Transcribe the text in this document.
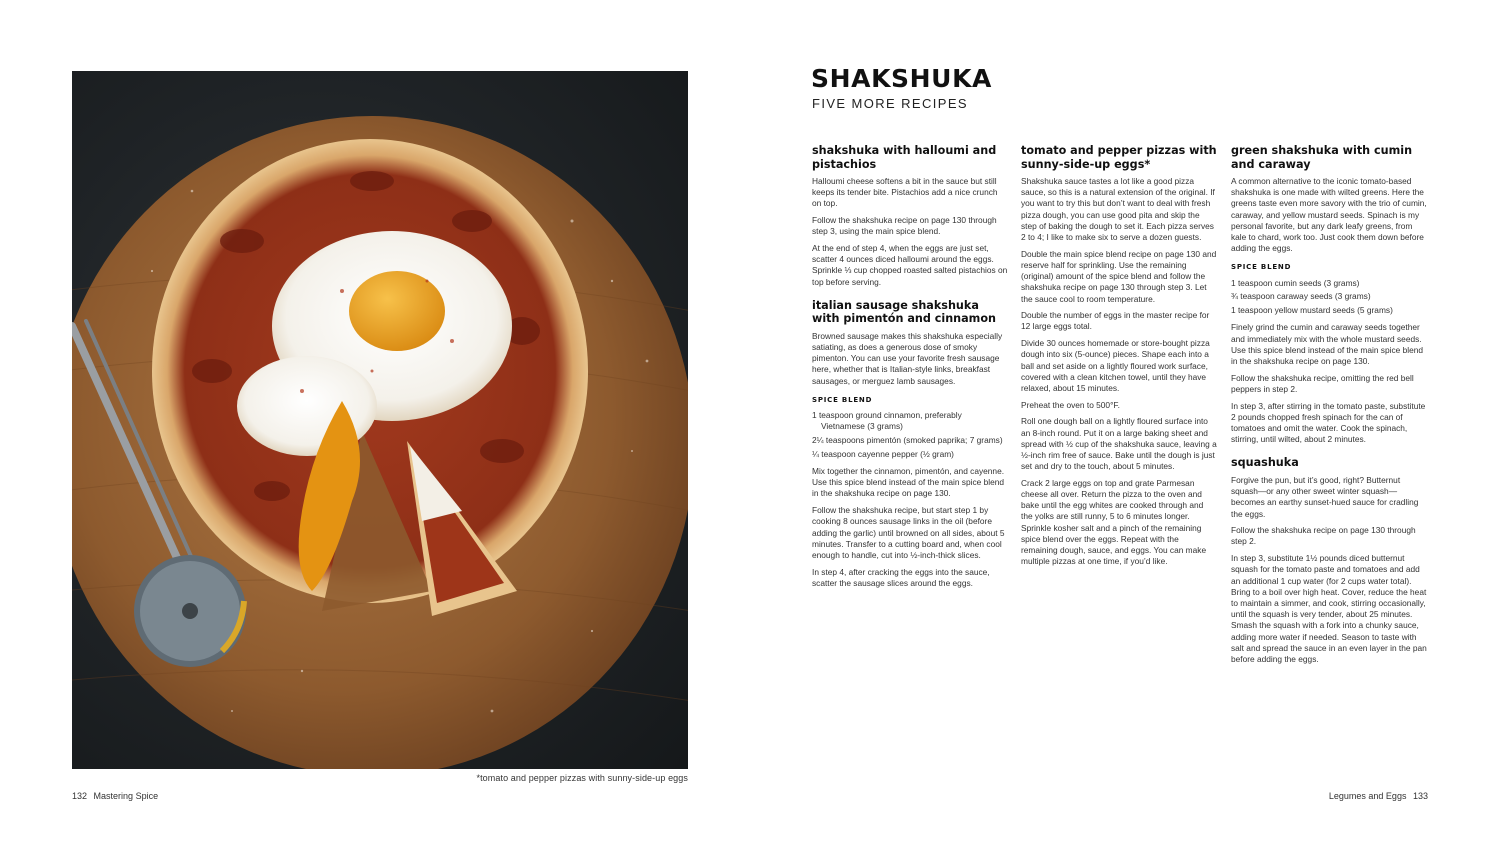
*tomato and pepper pizzas with sunny-side-up eggs
132 Mastering Spice
SHAKSHUKA
FIVE MORE RECIPES
shakshuka with halloumi and pistachios

Halloumi cheese softens a bit in the sauce but still keeps its tender bite. Pistachios add a nice crunch on top.

Follow the shakshuka recipe on page 130 through step 3, using the main spice blend.

At the end of step 4, when the eggs are just set, scatter 4 ounces diced halloumi around the eggs. Sprinkle ⅓ cup chopped roasted salted pistachios on top before serving.

italian sausage shakshuka with pimentón and cinnamon

Browned sausage makes this shakshuka especially satiating, as does a generous dose of smoky pimenton. You can use your favorite fresh sausage here, whether that is Italian-style links, breakfast sausages, or merguez lamb sausages.

SPICE BLEND
1 teaspoon ground cinnamon, preferably Vietnamese (3 grams)
2¼ teaspoons pimentón (smoked paprika; 7 grams)
¼ teaspoon cayenne pepper (½ gram)

Mix together the cinnamon, pimentón, and cayenne. Use this spice blend instead of the main spice blend in the shakshuka recipe on page 130.

Follow the shakshuka recipe, but start step 1 by cooking 8 ounces sausage links in the oil (before adding the garlic) until browned on all sides, about 5 minutes. Transfer to a cutting board and, when cool enough to handle, cut into ½-inch-thick slices.

In step 4, after cracking the eggs into the sauce, scatter the sausage slices around the eggs.

tomato and pepper pizzas with sunny-side-up eggs*

Shakshuka sauce tastes a lot like a good pizza sauce, so this is a natural extension of the original. If you want to try this but don’t want to deal with fresh pizza dough, you can use good pita and skip the step of baking the dough to set it. Each pizza serves 2 to 4; I like to make six to serve a dozen guests.

Double the main spice blend recipe on page 130 and reserve half for sprinkling. Use the remaining (original) amount of the spice blend and follow the shakshuka recipe on page 130 through step 3. Let the sauce cool to room temperature.

Double the number of eggs in the master recipe for 12 large eggs total.

Divide 30 ounces homemade or store-bought pizza dough into six (5-ounce) pieces. Shape each into a ball and set aside on a lightly floured work surface, covered with a clean kitchen towel, until they have relaxed, about 15 minutes.

Preheat the oven to 500°F.

Roll one dough ball on a lightly floured surface into an 8-inch round. Put it on a large baking sheet and spread with ½ cup of the shakshuka sauce, leaving a ½-inch rim free of sauce. Bake until the dough is just set and dry to the touch, about 5 minutes.

Crack 2 large eggs on top and grate Parmesan cheese all over. Return the pizza to the oven and bake until the egg whites are cooked through and the yolks are still runny, 5 to 6 minutes longer. Sprinkle kosher salt and a pinch of the remaining spice blend over the eggs. Repeat with the remaining dough, sauce, and eggs. You can make multiple pizzas at one time, if you’d like.

green shakshuka with cumin and caraway

A common alternative to the iconic tomato-based shakshuka is one made with wilted greens. Here the greens taste even more savory with the trio of cumin, caraway, and yellow mustard seeds. Spinach is my personal favorite, but any dark leafy greens, from kale to chard, work too. Just cook them down before adding the eggs.

SPICE BLEND
1 teaspoon cumin seeds (3 grams)
¾ teaspoon caraway seeds (3 grams)
1 teaspoon yellow mustard seeds (5 grams)

Finely grind the cumin and caraway seeds together and immediately mix with the whole mustard seeds. Use this spice blend instead of the main spice blend in the shakshuka recipe on page 130.

Follow the shakshuka recipe, omitting the red bell peppers in step 2.

In step 3, after stirring in the tomato paste, substitute 2 pounds chopped fresh spinach for the can of tomatoes and omit the water. Cook the spinach, stirring, until wilted, about 2 minutes.

squashuka

Forgive the pun, but it’s good, right? Butternut squash—or any other sweet winter squash—becomes an earthy sunset-hued sauce for cradling the eggs.

Follow the shakshuka recipe on page 130 through step 2.

In step 3, substitute 1½ pounds diced butternut squash for the tomato paste and tomatoes and add an additional 1 cup water (for 2 cups water total). Bring to a boil over high heat. Cover, reduce the heat to maintain a simmer, and cook, stirring occasionally, until the squash is very tender, about 25 minutes. Smash the squash with a fork into a chunky sauce, adding more water if needed. Season to taste with salt and spread the sauce in an even layer in the pan before adding the eggs.

Legumes and Eggs 133
